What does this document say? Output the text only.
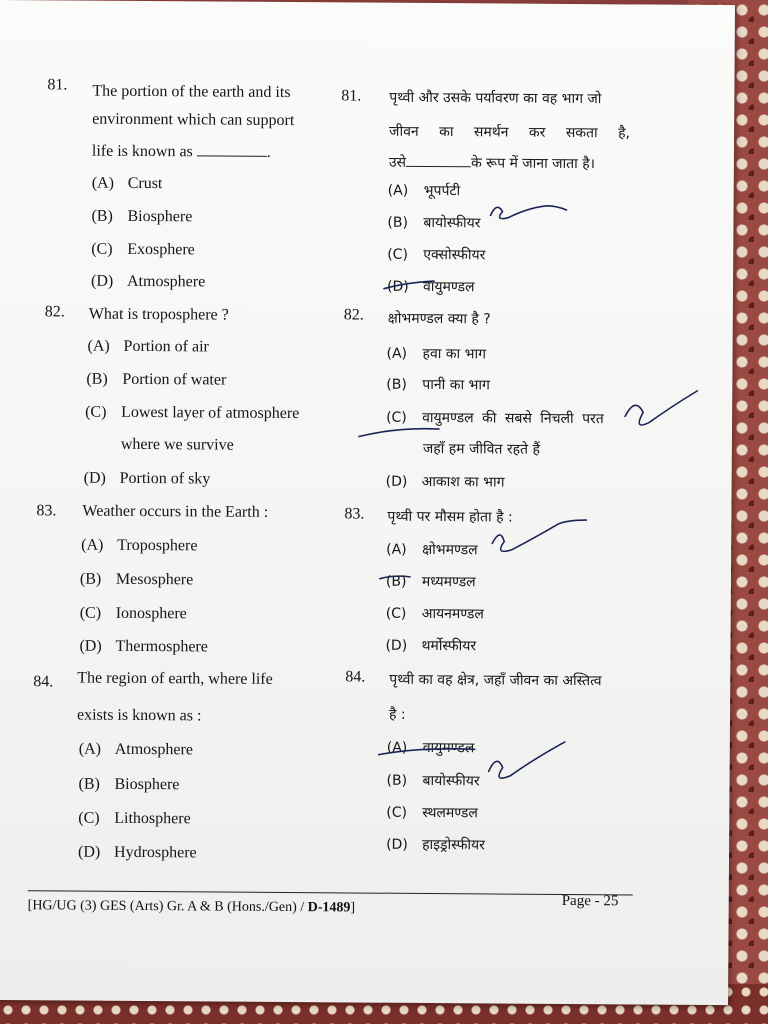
81. The portion of the earth and its
environment which can support
life is known as	.
(A) Crust
(B) Biosphere
(C) Exosphere
(D) Atmosphere
82. What is troposphere ?
(A) Portion of air
(B) Portion of water
(C) Lowest layer of atmosphere
where we survive
(D) Portion of sky
83. Weather occurs in the Earth :
(A) Troposphere
(B) Mesosphere
(C) Ionosphere
(D) Thermosphere
84. The region of earth, where life
exists is known as :
(A) Atmosphere
(B) Biosphere
(C) Lithosphere
(D) Hydrosphere
81. पृथ्वी और उसके पर्यावरण का वह भाग जो
जीवन का समर्थन कर सकता है,
उसे	के रूप में जाना जाता है।
(A) भूपर्पटी
(B) बायोस्फीयर
(C) एक्सोस्फीयर
(D) वायुमण्डल
82. क्षोभमण्डल क्या है ?
(A) हवा का भाग
(B) पानी का भाग
(C) वायुमण्डल की सबसे निचली परत
जहाँ हम जीवित रहते हैं
(D) आकाश का भाग
83. पृथ्वी पर मौसम होता है :
(A) क्षोभमण्डल
(B) मध्यमण्डल
(C) आयनमण्डल
(D) थर्मोस्फीयर
84. पृथ्वी का वह क्षेत्र, जहाँ जीवन का अस्तित्व
है :
(A) वायुमण्डल
(B) बायोस्फीयर
(C) स्थलमण्डल
(D) हाइड्रोस्फीयर
[HG/UG (3) GES (Arts) Gr. A & B (Hons./Gen) / D-1489]	Page - 25
